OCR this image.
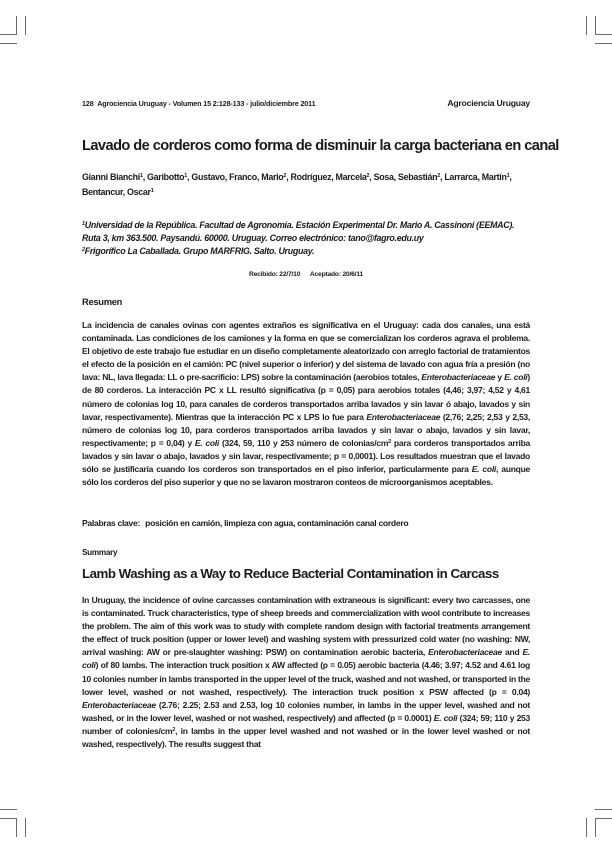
128 Agrociencia Uruguay - Volumen 15 2:128-133 - julio/diciembre 2011	Agrociencia Uruguay
Lavado de corderos como forma de disminuir la carga bacteriana en canal

Gianni Bianchi$^1$, Garibotto$^1$, Gustavo, Franco, Mario$^2$, Rodríguez, Marcela$^2$, Sosa, Sebastián$^2$, Larrarca, Martín$^1$, Bentancur, Oscar$^1$

$^1$Universidad de la República. Facultad de Agronomía. Estación Experimental Dr. Mario A. Cassinoni (EEMAC). Ruta 3, km 363.500. Paysandú. 60000. Uruguay. Correo electrónico: tano@fagro.edu.uy

$^2$Frigorífico La Caballada. Grupo MARFRIG. Salto. Uruguay.

Recibido: 22/7/10 Aceptado: 20/6/11
Resumen

La incidencia de canales ovinas con agentes extraños es significativa en el Uruguay: cada dos canales, una está contaminada. Las condiciones de los camiones y la forma en que se comercializan los corderos agrava el problema. El objetivo de este trabajo fue estudiar en un diseño completamente aleatorizado con arreglo factorial de tratamientos el efecto de la posición en el camión: PC (nivel superior o inferior) y del sistema de lavado con agua fría a presión (no lava: NL, lava llegada: LL o pre-sacrificio: LPS) sobre la contaminación (aerobios totales, Enterobacteriaceae y E. coli) de 80 corderos. La interacción PC x LL resultó significativa (p = 0,05) para aerobios totales (4,46; 3,97; 4,52 y 4,61 número de colonias log 10, para canales de corderos transportados arriba lavados y sin lavar ó abajo, lavados y sin lavar, respectivamente). Mientras que la interacción PC x LPS lo fue para Enterobacteriaceae (2,76; 2,25; 2,53 y 2,53, número de colonias log 10, para corderos transportados arriba lavados y sin lavar o abajo, lavados y sin lavar, respectivamente; p = 0,04) y E. coli (324, 59, 110 y 253 número de colonias/$cm^2$ para corderos transportados arriba lavados y sin lavar o abajo, lavados y sin lavar, respectivamente; p = 0,0001). Los resultados muestran que el lavado sólo se justificaría cuando los corderos son transportados en el piso inferior, particularmente para E. coli, aunque sólo los corderos del piso superior y que no se lavaron mostraron conteos de microorganismos aceptables.

Palabras clave: posición en camión, limpieza con agua, contaminación canal cordero

Summary
Lamb Washing as a Way to Reduce Bacterial Contamination in Carcass

In Uruguay, the incidence of ovine carcasses contamination with extraneous is significant: every two carcasses, one is contaminated. Truck characteristics, type of sheep breeds and commercialization with wool contribute to increases the problem. The aim of this work was to study with complete random design with factorial treatments arrangement the effect of truck position (upper or lower level) and washing system with pressurized cold water (no washing: NW, arrival washing: AW or pre-slaughter washing: PSW) on contamination aerobic bacteria, Enterobacteriaceae and E. coli) of 80 lambs. The interaction truck position x AW affected (p = 0.05) aerobic bacteria (4.46; 3.97; 4.52 and 4.61 log 10 colonies number in lambs transported in the upper level of the truck, washed and not washed, or transported in the lower level, washed or not washed, respectively). The interaction truck position x PSW affected (p = 0.04) Enterobacteriaceae (2.76; 2.25; 2.53 and 2.53, log 10 colonies number, in lambs in the upper level, washed and not washed, or in the lower level, washed or not washed, respectively) and affected (p = 0.0001) E. coli (324; 59; 110 y 253 number of colonies/$cm^2$, in lambs in the upper level washed and not washed or in the lower level washed or not washed, respectively). The results suggest that
